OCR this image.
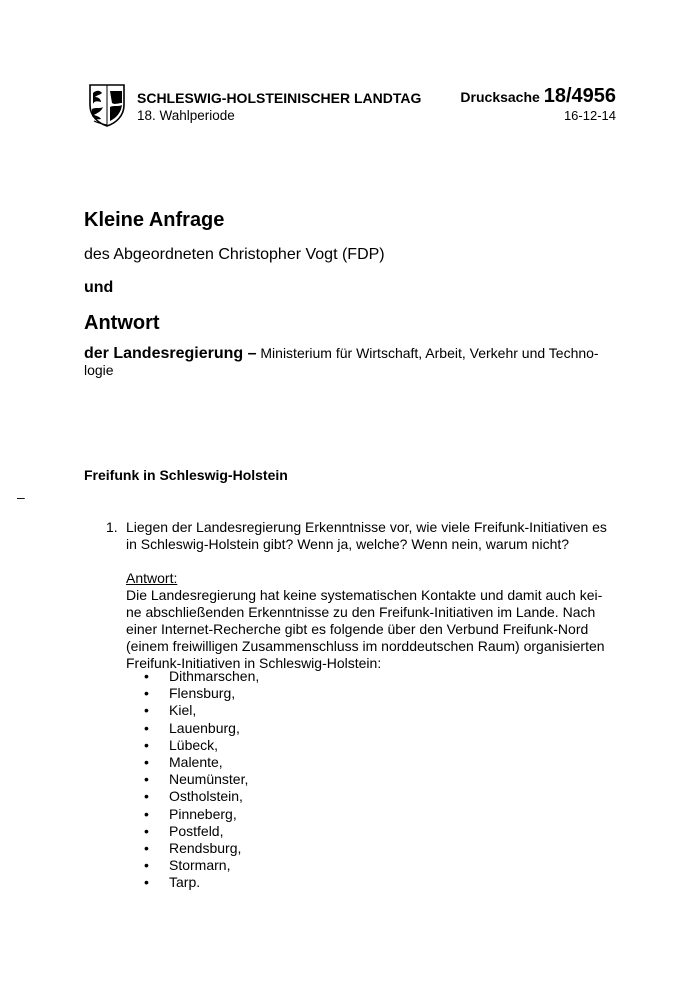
SCHLESWIG-HOLSTEINISCHER LANDTAG
18. Wahlperiode
Drucksache 18/4956
16-12-14
Kleine Anfrage
des Abgeordneten Christopher Vogt (FDP)
und
Antwort
der Landesregierung – Ministerium für Wirtschaft, Arbeit, Verkehr und Techno-logie
Freifunk in Schleswig-Holstein
–
1. Liegen der Landesregierung Erkenntnisse vor, wie viele Freifunk-Initiativen es in Schleswig-Holstein gibt? Wenn ja, welche? Wenn nein, warum nicht?
Antwort:
Die Landesregierung hat keine systematischen Kontakte und damit auch kei-ne abschließenden Erkenntnisse zu den Freifunk-Initiativen im Lande. Nach einer Internet-Recherche gibt es folgende über den Verbund Freifunk-Nord (einem freiwilligen Zusammenschluss im norddeutschen Raum) organisierten Freifunk-Initiativen in Schleswig-Holstein:
• Dithmarschen,
• Flensburg,
• Kiel,
• Lauenburg,
• Lübeck,
• Malente,
• Neumünster,
• Ostholstein,
• Pinneberg,
• Postfeld,
• Rendsburg,
• Stormarn,
• Tarp.
